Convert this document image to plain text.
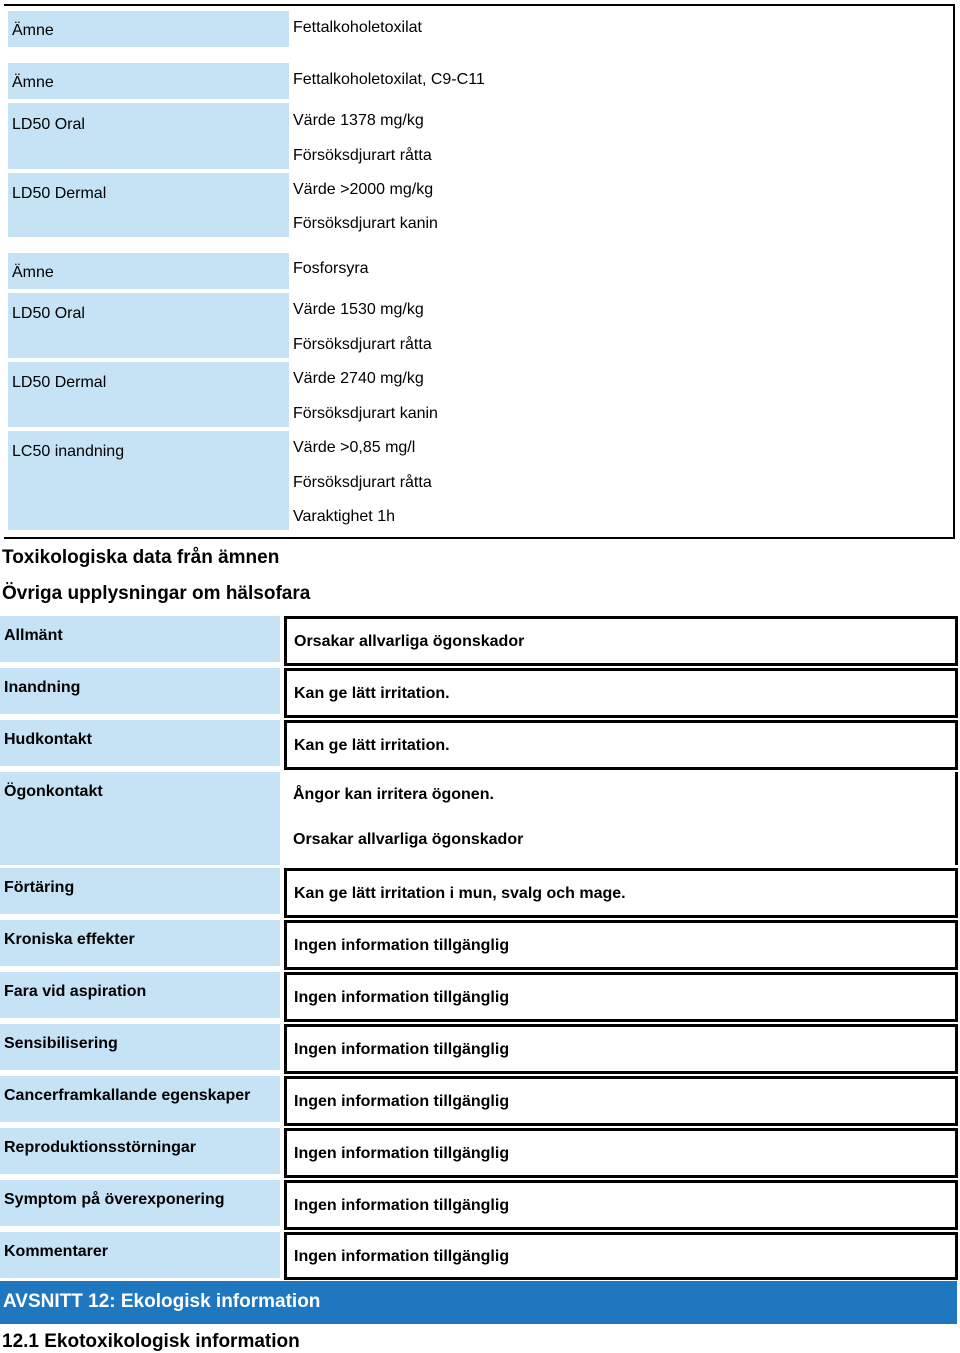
Ämne	Fettalkoholetoxilat
Ämne	Fettalkoholetoxilat, C9-C11
LD50 Oral	Värde 1378 mg/kg
Försöksdjurart råtta
LD50 Dermal	Värde >2000 mg/kg
Försöksdjurart kanin
Ämne	Fosforsyra
LD50 Oral	Värde 1530 mg/kg
Försöksdjurart råtta
LD50 Dermal	Värde 2740 mg/kg
Försöksdjurart kanin
LC50 inandning	Värde >0,85 mg/l
Försöksdjurart råtta
Varaktighet 1h
Toxikologiska data från ämnen
Övriga upplysningar om hälsofara
Allmänt	Orsakar allvarliga ögonskador
Inandning	Kan ge lätt irritation.
Hudkontakt	Kan ge lätt irritation.
Ögonkontakt	Ångor kan irritera ögonen.
Orsakar allvarliga ögonskador
Förtäring	Kan ge lätt irritation i mun, svalg och mage.
Kroniska effekter	Ingen information tillgänglig
Fara vid aspiration	Ingen information tillgänglig
Sensibilisering	Ingen information tillgänglig
Cancerframkallande egenskaper	Ingen information tillgänglig
Reproduktionsstörningar	Ingen information tillgänglig
Symptom på överexponering	Ingen information tillgänglig
Kommentarer	Ingen information tillgänglig
AVSNITT 12: Ekologisk information
12.1 Ekotoxikologisk information
